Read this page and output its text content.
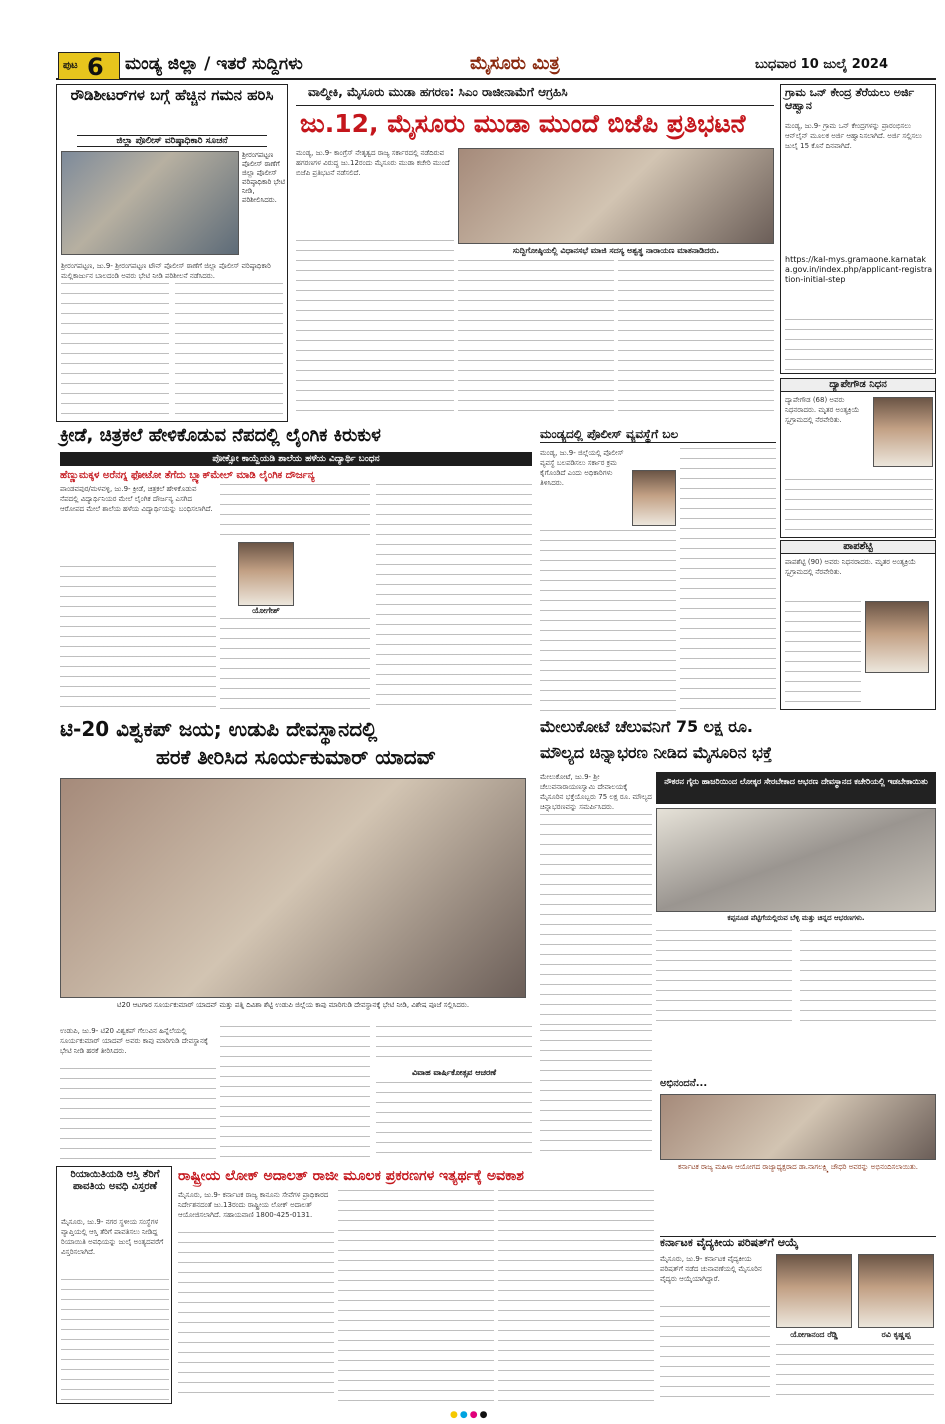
ಪುಟ 6 ಮಂಡ್ಯ ಜಿಲ್ಲಾ / ಇತರೆ ಸುದ್ದಿಗಳು	ಮೈಸೂರು ಮಿತ್ರ	ಬುಧವಾರ 10 ಜುಲೈ 2024
ರೌಡಿಶೀಟರ್‌ಗಳ ಬಗ್ಗೆ ಹೆಚ್ಚಿನ ಗಮನ ಹರಿಸಿ
ಜಿಲ್ಲಾ ಪೊಲೀಸ್ ವರಿಷ್ಠಾಧಿಕಾರಿ ಸೂಚನೆ
ಶ್ರೀರಂಗಪಟ್ಟಣ ಪೊಲೀಸ್ ಠಾಣೆಗೆ ಜಿಲ್ಲಾ ಪೊಲೀಸ್ ವರಿಷ್ಠಾಧಿಕಾರಿ ಭೇಟಿ ನೀಡಿ, ಪರಿಶೀಲಿಸಿದರು.
ಶ್ರೀರಂಗಪಟ್ಟಣ, ಜು.9- ಶ್ರೀರಂಗಪಟ್ಟಣ ಟೌನ್ ಪೊಲೀಸ್ ಠಾಣೆಗೆ ಜಿಲ್ಲಾ ಪೊಲೀಸ್ ವರಿಷ್ಠಾಧಿಕಾರಿ ಮಲ್ಲಿಕಾರ್ಜುನ ಬಾಲದಂಡಿ ಅವರು ಭೇಟಿ ನೀಡಿ ಪರಿಶೀಲನೆ ನಡೆಸಿದರು.
ವಾಲ್ಮೀಕಿ, ಮೈಸೂರು ಮುಡಾ ಹಗರಣ: ಸಿಎಂ ರಾಜೀನಾಮೆಗೆ ಆಗ್ರಹಿಸಿ
ಜು.12, ಮೈಸೂರು ಮುಡಾ ಮುಂದೆ ಬಿಜೆಪಿ ಪ್ರತಿಭಟನೆ
ಮಂಡ್ಯ, ಜು.9- ಕಾಂಗ್ರೆಸ್ ನೇತೃತ್ವದ ರಾಜ್ಯ ಸರ್ಕಾರದಲ್ಲಿ ನಡೆದಿರುವ ಹಗರಣಗಳ ವಿರುದ್ಧ ಜು.12ರಂದು ಮೈಸೂರು ಮುಡಾ ಕಚೇರಿ ಮುಂದೆ ಬಿಜೆಪಿ ಪ್ರತಿಭಟನೆ ನಡೆಸಲಿದೆ.
ಸುದ್ದಿಗೋಷ್ಠಿಯಲ್ಲಿ ವಿಧಾನಸಭೆ ಮಾಜಿ ಸದಸ್ಯ ಅಶ್ವತ್ಥ ನಾರಾಯಣ ಮಾತನಾಡಿದರು.
ಗ್ರಾಮ ಒನ್ ಕೇಂದ್ರ ತೆರೆಯಲು ಅರ್ಜಿ ಆಹ್ವಾನ
ಮಂಡ್ಯ, ಜು.9- ಗ್ರಾಮ ಒನ್ ಕೇಂದ್ರಗಳನ್ನು ಪ್ರಾರಂಭಿಸಲು ಆನ್‌ಲೈನ್ ಮೂಲಕ ಅರ್ಜಿ ಆಹ್ವಾನಿಸಲಾಗಿದೆ. ಅರ್ಜಿ ಸಲ್ಲಿಸಲು ಜುಲೈ 15 ಕೊನೆ ದಿನವಾಗಿದೆ.
https://kal-mys.gramaone.karnataka.gov.in/index.php/applicant-registration-initial-step
ದ್ಯಾಪೇಗೌಡ ನಿಧನ
ದ್ಯಾಪೇಗೌಡ (68) ಅವರು ನಿಧನರಾದರು. ಮೃತರ ಅಂತ್ಯಕ್ರಿಯೆ ಸ್ವಗ್ರಾಮದಲ್ಲಿ ನೆರವೇರಿತು.
ಪಾಪಶೆಟ್ಟಿ
ಪಾಪಶೆಟ್ಟಿ (90) ಅವರು ನಿಧನರಾದರು. ಮೃತರ ಅಂತ್ಯಕ್ರಿಯೆ ಸ್ವಗ್ರಾಮದಲ್ಲಿ ನೆರವೇರಿತು.
ಕ್ರೀಡೆ, ಚಿತ್ರಕಲೆ ಹೇಳಿಕೊಡುವ ನೆಪದಲ್ಲಿ ಲೈಂಗಿಕ ಕಿರುಕುಳ
ಪೋಕ್ಸೋ ಕಾಯ್ದೆಯಡಿ ಶಾಲೆಯ ಹಳೆಯ ವಿದ್ಯಾರ್ಥಿ ಬಂಧನ
ಹೆಣ್ಣುಮಕ್ಕಳ ಅರೆನಗ್ನ ಫೋಟೋ ತೆಗೆದು ಬ್ಲ್ಯಾಕ್‌ಮೇಲ್ ಮಾಡಿ ಲೈಂಗಿಕ ದೌರ್ಜನ್ಯ
ಪಾಂಡವಪುರ/ಮಳವಳ್ಳಿ, ಜು.9- ಕ್ರೀಡೆ, ಚಿತ್ರಕಲೆ ಹೇಳಿಕೊಡುವ ನೆಪದಲ್ಲಿ ವಿದ್ಯಾರ್ಥಿನಿಯರ ಮೇಲೆ ಲೈಂಗಿಕ ದೌರ್ಜನ್ಯ ಎಸಗಿದ ಆರೋಪದ ಮೇಲೆ ಶಾಲೆಯ ಹಳೆಯ ವಿದ್ಯಾರ್ಥಿಯನ್ನು ಬಂಧಿಸಲಾಗಿದೆ.
ಯೋಗೇಶ್
ಮಂಡ್ಯದಲ್ಲಿ ಪೊಲೀಸ್ ವ್ಯವಸ್ಥೆಗೆ ಬಲ
ಮಂಡ್ಯ, ಜು.9- ಜಿಲ್ಲೆಯಲ್ಲಿ ಪೊಲೀಸ್ ವ್ಯವಸ್ಥೆ ಬಲಪಡಿಸಲು ಸರ್ಕಾರ ಕ್ರಮ ಕೈಗೊಂಡಿದೆ ಎಂದು ಅಧಿಕಾರಿಗಳು ತಿಳಿಸಿದರು.
ಟಿ-20 ವಿಶ್ವಕಪ್ ಜಯ; ಉಡುಪಿ ದೇವಸ್ಥಾನದಲ್ಲಿ
ಹರಕೆ ತೀರಿಸಿದ ಸೂರ್ಯಕುಮಾರ್ ಯಾದವ್
ಟಿ20 ಆಟಗಾರ ಸೂರ್ಯಕುಮಾರ್ ಯಾದವ್ ಮತ್ತು ಪತ್ನಿ ದಿವಿಶಾ ಶೆಟ್ಟಿ ಉಡುಪಿ ಜಿಲ್ಲೆಯ ಕಾಪು ಮಾರಿಗುಡಿ ದೇವಸ್ಥಾನಕ್ಕೆ ಭೇಟಿ ನೀಡಿ, ವಿಶೇಷ ಪೂಜೆ ಸಲ್ಲಿಸಿದರು.
ಉಡುಪಿ, ಜು.9- ಟಿ20 ವಿಶ್ವಕಪ್ ಗೆಲುವಿನ ಹಿನ್ನೆಲೆಯಲ್ಲಿ ಸೂರ್ಯಕುಮಾರ್ ಯಾದವ್ ಅವರು ಕಾಪು ಮಾರಿಗುಡಿ ದೇವಸ್ಥಾನಕ್ಕೆ ಭೇಟಿ ನೀಡಿ ಹರಕೆ ತೀರಿಸಿದರು.
ವಿವಾಹ ವಾರ್ಷಿಕೋತ್ಸವ ಆಚರಣೆ
ಮೇಲುಕೋಟೆ ಚೆಲುವನಿಗೆ 75 ಲಕ್ಷ ರೂ.
ಮೌಲ್ಯದ ಚಿನ್ನಾಭರಣ ನೀಡಿದ ಮೈಸೂರಿನ ಭಕ್ತೆ
ಮೇಲುಕೋಟೆ, ಜು.9- ಶ್ರೀ ಚೆಲುವನಾರಾಯಣಸ್ವಾಮಿ ದೇವಾಲಯಕ್ಕೆ ಮೈಸೂರಿನ ಭಕ್ತೆಯೊಬ್ಬರು 75 ಲಕ್ಷ ರೂ. ಮೌಲ್ಯದ ಚಿನ್ನಾಭರಣವನ್ನು ಸಮರ್ಪಿಸಿದರು.
ನೌಕರನ ಗೈರು ಹಾಜರಿಯಿಂದ ಲೋಕ್ಕರ ಸೇರಬೇಕಾದ ಆಭರಣ ದೇವಸ್ಥಾನದ ಕಚೇರಿಯಲ್ಲಿ ಇಡಬೇಕಾಯಿತು
ಕಪ್ಪನೂಡ ಪೆಟ್ಟಿಗೆಯಲ್ಲಿರುವ ಬೆಳ್ಳಿ ಮತ್ತು ಚಿನ್ನದ ಆಭರಣಗಳು.
ಅಭಿನಂದನೆ...
ಕರ್ನಾಟಕ ರಾಜ್ಯ ಮಹಿಳಾ ಆಯೋಗದ ರಾಜ್ಯಾಧ್ಯಕ್ಷರಾದ ಡಾ.ನಾಗಲಕ್ಷ್ಮಿ ಚೌಧರಿ ಅವರನ್ನು ಅಭಿನಂದಿಸಲಾಯಿತು.
ರಿಯಾಯಿತಿಯಡಿ ಆಸ್ತಿ ತೆರಿಗೆ ಪಾವತಿಯ ಅವಧಿ ವಿಸ್ತರಣೆ
ಮೈಸೂರು, ಜು.9- ನಗರ ಸ್ಥಳೀಯ ಸಂಸ್ಥೆಗಳ ವ್ಯಾಪ್ತಿಯಲ್ಲಿ ಆಸ್ತಿ ತೆರಿಗೆ ಪಾವತಿಸಲು ನೀಡಿದ್ದ ರಿಯಾಯಿತಿ ಅವಧಿಯನ್ನು ಜುಲೈ ಅಂತ್ಯದವರೆಗೆ ವಿಸ್ತರಿಸಲಾಗಿದೆ.
ರಾಷ್ಟ್ರೀಯ ಲೋಕ್ ಅದಾಲತ್ ರಾಜೀ ಮೂಲಕ ಪ್ರಕರಣಗಳ ಇತ್ಯರ್ಥಕ್ಕೆ ಅವಕಾಶ
ಮೈಸೂರು, ಜು.9- ಕರ್ನಾಟಕ ರಾಜ್ಯ ಕಾನೂನು ಸೇವೆಗಳ ಪ್ರಾಧಿಕಾರದ ನಿರ್ದೇಶನದಂತೆ ಜು.13ರಂದು ರಾಷ್ಟ್ರೀಯ ಲೋಕ್ ಅದಾಲತ್ ಆಯೋಜಿಸಲಾಗಿದೆ. ಸಹಾಯವಾಣಿ 1800-425-0131.
ಕರ್ನಾಟಕ ವೈದ್ಯಕೀಯ ಪರಿಷತ್‌ಗೆ ಆಯ್ಕೆ
ಮೈಸೂರು, ಜು.9- ಕರ್ನಾಟಕ ವೈದ್ಯಕೀಯ ಪರಿಷತ್‌ಗೆ ನಡೆದ ಚುನಾವಣೆಯಲ್ಲಿ ಮೈಸೂರಿನ ವೈದ್ಯರು ಆಯ್ಕೆಯಾಗಿದ್ದಾರೆ.
ಯೋಗಾನಂದ ರೆಡ್ಡಿ	ರವಿ ಕೃಷ್ಣಪ್ಪ
●●●●
